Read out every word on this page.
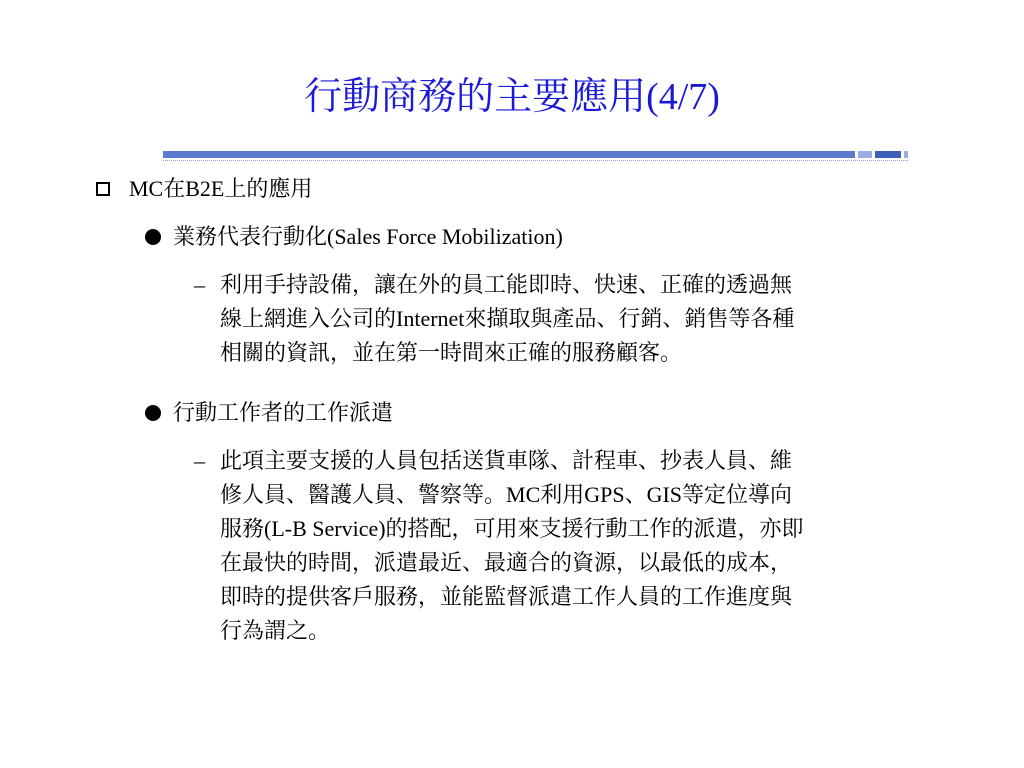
行動商務的主要應用(4/7)
MC在B2E上的應用
業務代表行動化(Sales Force Mobilization)
– 利用手持設備，讓在外的員工能即時、快速、正確的透過無
線上網進入公司的Internet來擷取與產品、行銷、銷售等各種
相關的資訊，並在第一時間來正確的服務顧客。
行動工作者的工作派遣
– 此項主要支援的人員包括送貨車隊、計程車、抄表人員、維
修人員、醫護人員、警察等。MC利用GPS、GIS等定位導向
服務(L-B Service)的搭配，可用來支援行動工作的派遣，亦即
在最快的時間，派遣最近、最適合的資源，以最低的成本，
即時的提供客戶服務，並能監督派遣工作人員的工作進度與
行為謂之。
